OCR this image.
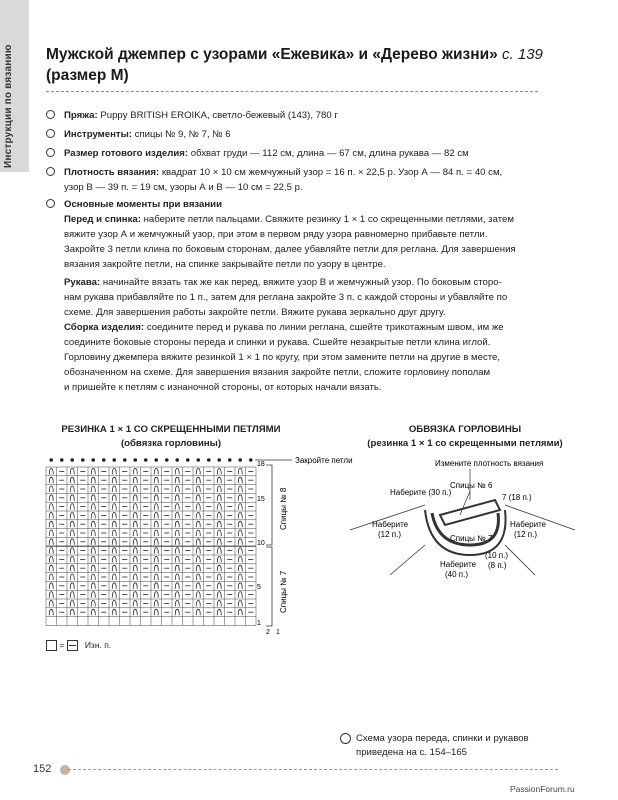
Инструкции по вязанию Мужской джемпер с узорами «Ежевика» и «Дерево жизни» с. 139
(размер М)
Пряжа: Puppy BRITISH EROIKA, светло-бежевый (143), 780 г
Инструменты: спицы № 9, № 7, № 6
Размер готового изделия: обхват груди — 112 см, длина — 67 см, длина рукава — 82 см
Плотность вязания: квадрат 10 × 10 см жемчужный узор = 16 п. × 22,5 р. Узор А — 84 п. = 40 см,
узор В — 39 п. = 19 см, узоры А и В — 10 см = 22,5 р.
Основные моменты при вязании
Перед и спинка: наберите петли пальцами. Свяжите резинку 1 × 1 со скрещенными петлями, затем
вяжите узор А и жемчужный узор, при этом в первом ряду узора равномерно прибавьте петли.
Закройте 3 петли клина по боковым сторонам, далее убавляйте петли для реглана. Для завершения
вязания закройте петли, на спинке закрывайте петли по узору в центре.
Рукава: начинайте вязать так же как перед, вяжите узор В и жемчужный узор. По боковым сторо-
нам рукава прибавляйте по 1 п., затем для реглана закройте 3 п. с каждой стороны и убавляйте по
схеме. Для завершения работы закройте петли. Вяжите рукава зеркально друг другу.
Сборка изделия: соедините перед и рукава по линии реглана, сшейте трикотажным швом, им же
соедините боковые стороны переда и спинки и рукава. Сшейте незакрытые петли клина иглой.
Горловину джемпера вяжите резинкой 1 × 1 по кругу, при этом замените петли на другие в месте,
обозначенном на схеме. Для завершения вязания закройте петли, сложите горловину пополам
и пришейте к петлям с изнаночной стороны, от которых начали вязать.
РЕЗИНКА 1 × 1 СО СКРЕЩЕННЫМИ ПЕТЛЯМИ
(обвязка горловины)
2 1
18
15
10
5
1
Спицы № 8
Спицы № 7
Закройте петли
= Изн. п.
ОБВЯЗКА ГОРЛОВИНЫ
(резинка 1 × 1 со скрещенными петлями)
Измените плотность вязания
Спицы № 6
Спицы № 7
Наберите (30 п.)
7 (18 п.)
Наберите
(12 п.)
Наберите
(12 п.)
(10 п.)
(8 п.)
Наберите
(40 п.)
Схема узора переда, спинки и рукавов
приведена на с. 154–165
152
PassionForum.ru
